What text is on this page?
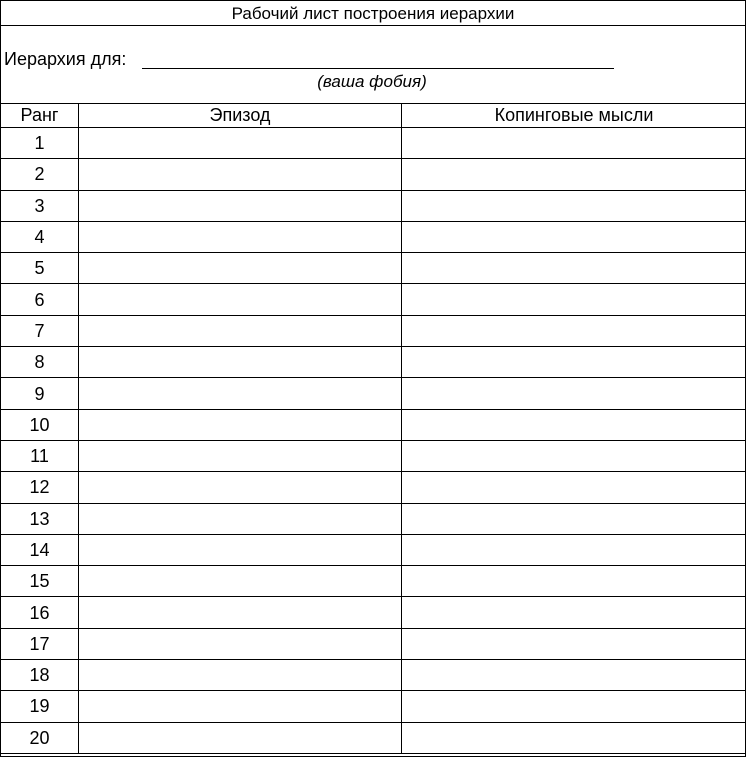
Рабочий лист построения иерархии
Иерархия для:
(ваша фобия)
Ранг	Эпизод	Копинговые мысли
1		
2		
3		
4		
5		
6		
7		
8		
9		
10		
11		
12		
13		
14		
15		
16		
17		
18		
19		
20		
